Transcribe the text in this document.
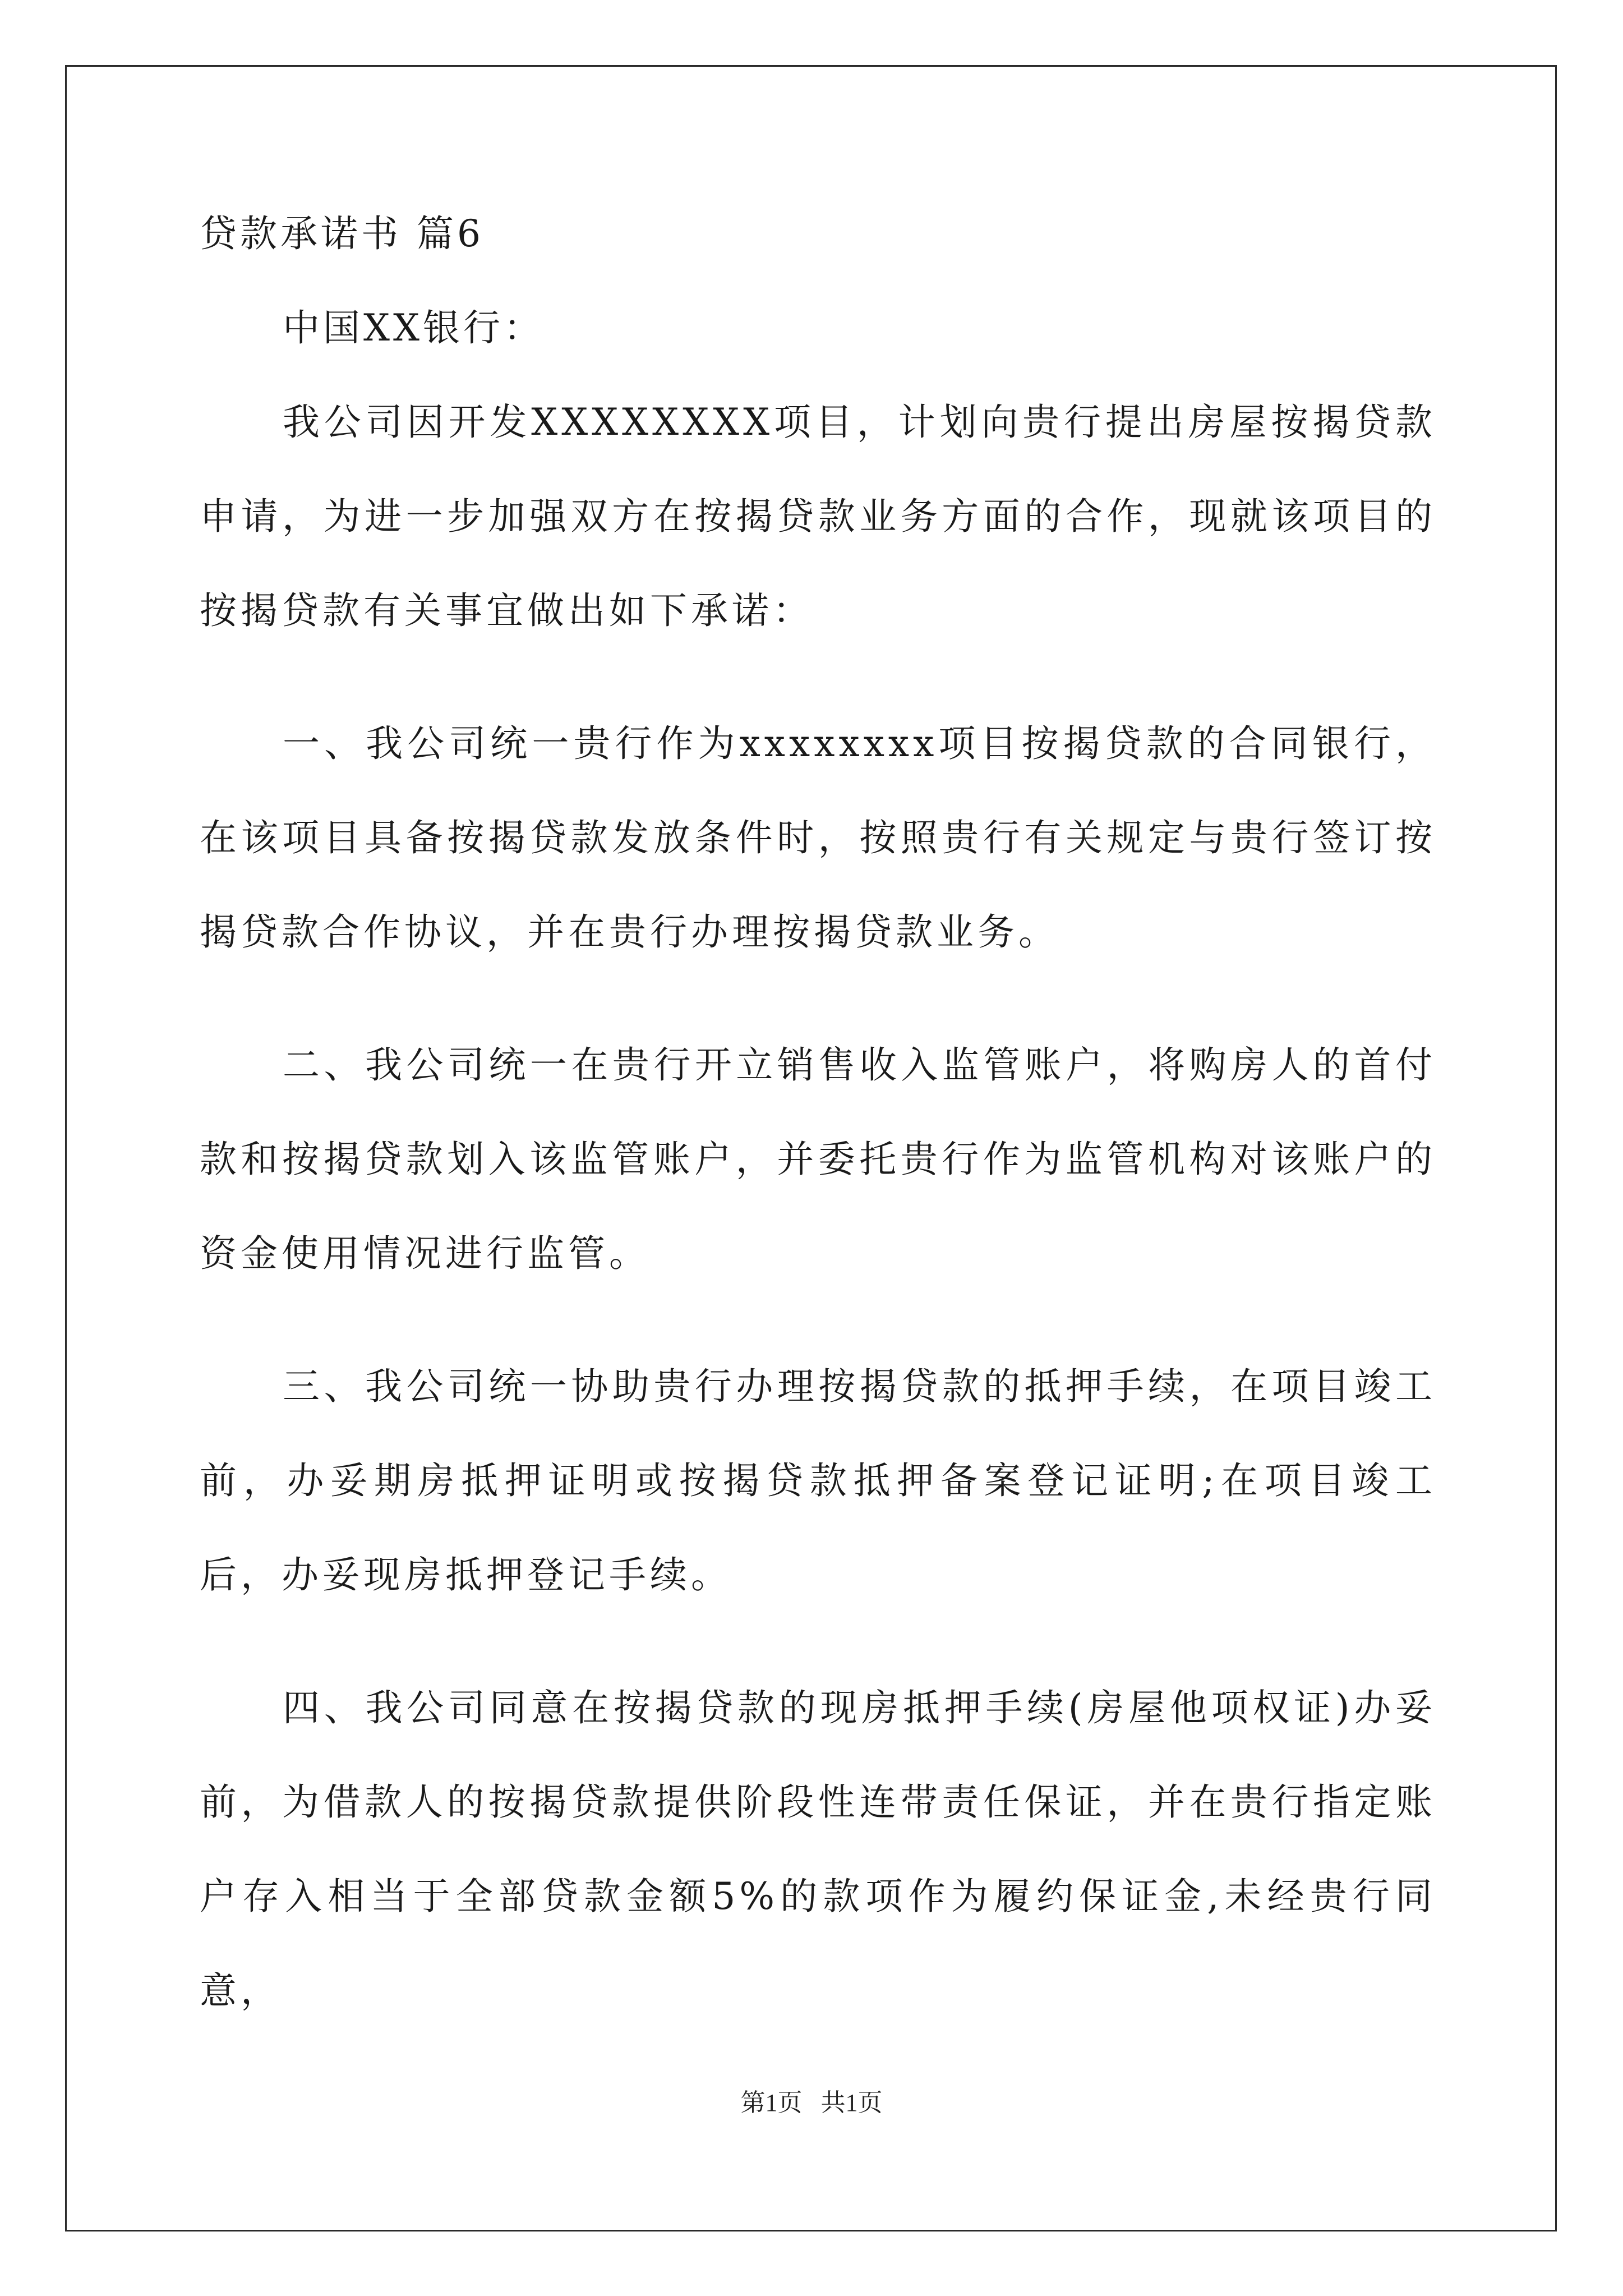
贷款承诺书 篇6
中国XX银行：

我公司因开发XXXXXXXX项目，计划向贵行提出房屋按揭贷款申请，为进一步加强双方在按揭贷款业务方面的合作，现就该项目的按揭贷款有关事宜做出如下承诺：

一、我公司统一贵行作为xxxxxxxx项目按揭贷款的合同银行，在该项目具备按揭贷款发放条件时，按照贵行有关规定与贵行签订按揭贷款合作协议，并在贵行办理按揭贷款业务。

二、我公司统一在贵行开立销售收入监管账户，将购房人的首付款和按揭贷款划入该监管账户，并委托贵行作为监管机构对该账户的资金使用情况进行监管。

三、我公司统一协助贵行办理按揭贷款的抵押手续，在项目竣工前，办妥期房抵押证明或按揭贷款抵押备案登记证明;在项目竣工后，办妥现房抵押登记手续。

四、我公司同意在按揭贷款的现房抵押手续(房屋他项权证)办妥前，为借款人的按揭贷款提供阶段性连带责任保证，并在贵行指定账户存入相当于全部贷款金额5%的款项作为履约保证金,未经贵行同意，

第1页   共1页
